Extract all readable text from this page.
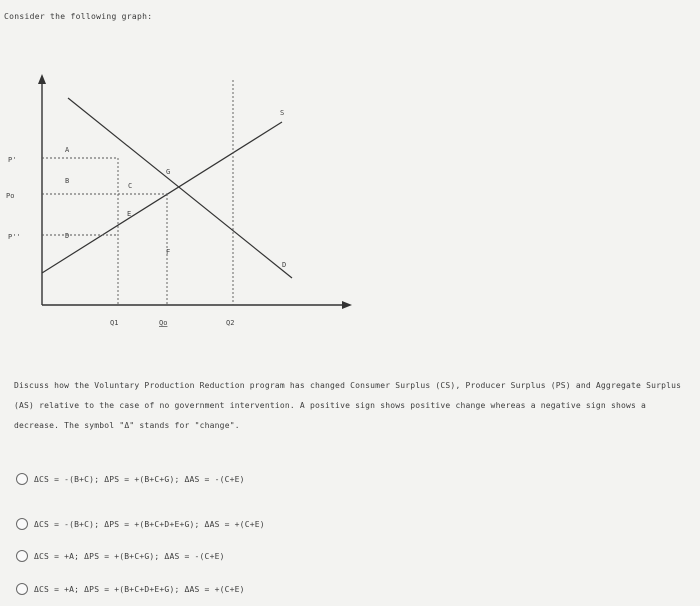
Consider the following graph:
P'
Po
P''
Q1	Qo	Q2
S
D
A
B
C
D
E
F
G
Discuss how the Voluntary Production Reduction program has changed Consumer Surplus (CS), Producer Surplus (PS) and Aggregate Surplus (AS) relative to the case of no government intervention. A positive sign shows positive change whereas a negative sign shows a decrease. The symbol "Δ" stands for "change".
ΔCS = -(B+C); ΔPS = +(B+C+G); ΔAS = -(C+E)
ΔCS = -(B+C); ΔPS = +(B+C+D+E+G); ΔAS = +(C+E)
ΔCS = +A; ΔPS = +(B+C+G); ΔAS = -(C+E)
ΔCS = +A; ΔPS = +(B+C+D+E+G); ΔAS = +(C+E)
